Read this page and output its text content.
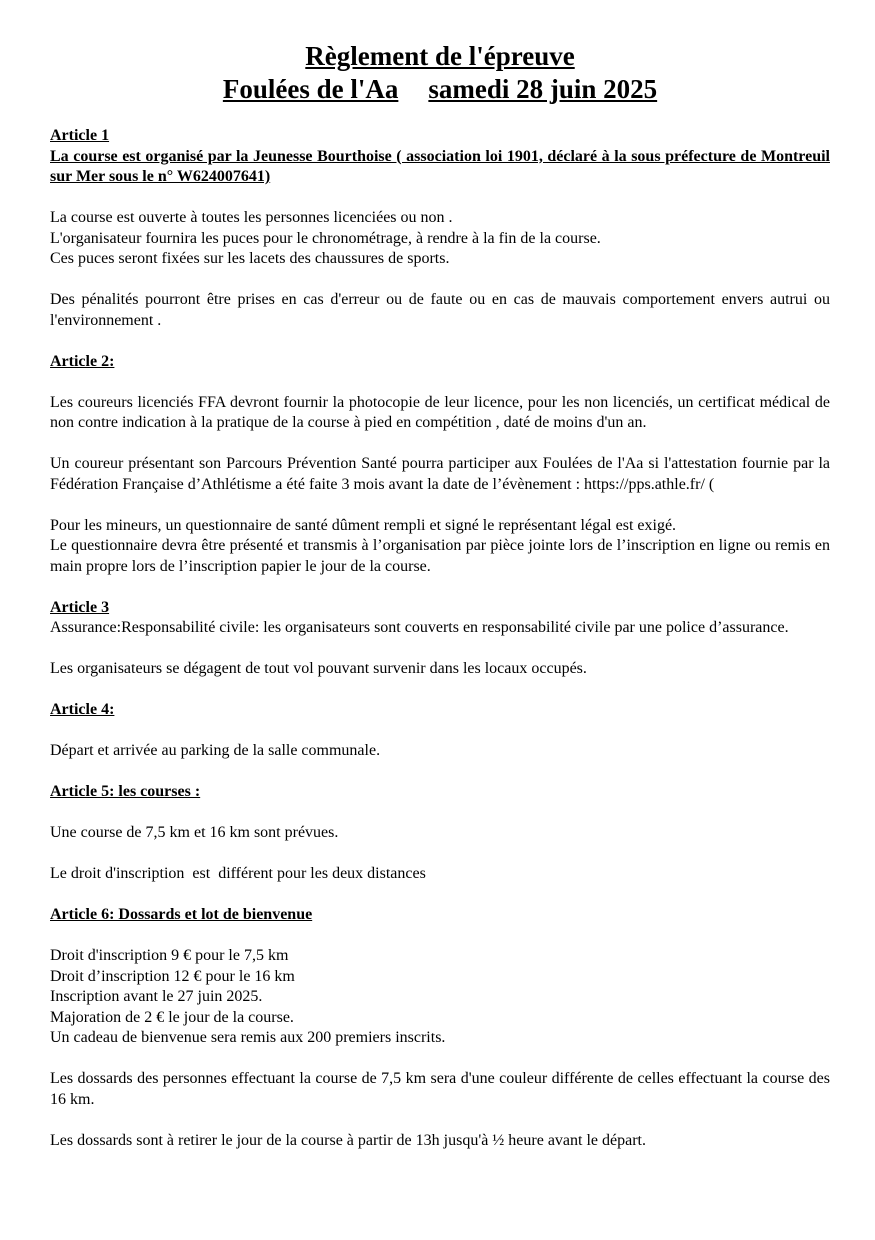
Règlement de l'épreuve
Foulées de l'Aa samedi 28 juin 2025

Article 1

La course est organisé par la Jeunesse Bourthoise ( association loi 1901, déclaré à la sous préfecture de Montreuil sur Mer sous le n° W624007641)

La course est ouverte à toutes les personnes licenciées ou non .

L'organisateur fournira les puces pour le chronométrage, à rendre à la fin de la course.

Ces puces seront fixées sur les lacets des chaussures de sports.

Des pénalités pourront être prises en cas d'erreur ou de faute ou en cas de mauvais comportement envers autrui ou l'environnement .

Article 2:

Les coureurs licenciés FFA devront fournir la photocopie de leur licence, pour les non licenciés, un certificat médical de non contre indication à la pratique de la course à pied en compétition , daté de moins d'un an.

Un coureur présentant son Parcours Prévention Santé pourra participer aux Foulées de l'Aa si l'attestation fournie par la Fédération Française d’Athlétisme a été faite 3 mois avant la date de l’évènement : https://pps.athle.fr/ (

Pour les mineurs, un questionnaire de santé dûment rempli et signé le représentant légal est exigé.

Le questionnaire devra être présenté et transmis à l’organisation par pièce jointe lors de l’inscription en ligne ou remis en main propre lors de l’inscription papier le jour de la course.

Article 3

Assurance:Responsabilité civile: les organisateurs sont couverts en responsabilité civile par une police d’assurance.

Les organisateurs se dégagent de tout vol pouvant survenir dans les locaux occupés.

Article 4:

Départ et arrivée au parking de la salle communale.

Article 5: les courses :

Une course de 7,5 km et 16 km sont prévues.

Le droit d'inscription  est  différent pour les deux distances

Article 6: Dossards et lot de bienvenue

Droit d'inscription 9 € pour le 7,5 km

Droit d’inscription 12 € pour le 16 km

Inscription avant le 27 juin 2025.

Majoration de 2 € le jour de la course.

Un cadeau de bienvenue sera remis aux 200 premiers inscrits.

Les dossards des personnes effectuant la course de 7,5 km sera d'une couleur différente de celles effectuant la course des 16 km.

Les dossards sont à retirer le jour de la course à partir de 13h jusqu'à ½ heure avant le départ.
